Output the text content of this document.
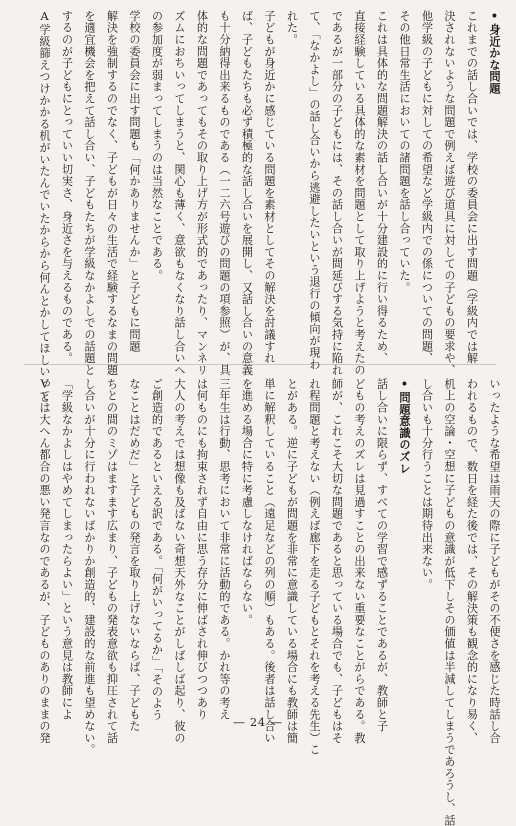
― 24 ―
•身近かな問題
これまでの話し合いでは、学校の委員会に出す問題（学級内では解
決されないような問題で例えば遊び道具に対しての子どもの要求や、
他学級の子どもに対しての希望など学級内での係についての問題、
その他日常生活においての諸問題を話し合っていた。
これは具体的な問題解決の話し合いが十分建設的に行い得るため、
直接経験している具体的な素材を問題として取り上げようと考えたの
であるが一部分の子どもには、その話し合いが間延びする気持に陥れ
て、「なかよし」の話し合いから逃避したいという退行の傾向が現わ
れた。
子どもが身近かに感じている問題を素材としてその解決を討議すれ
ば、子どもたちも必ず積極的な話し合いを展開し、又話し合いの意義
も十分納得出来るものである（一二六号遊びの問題の項参照）が、具
体的な問題であってもその取り上げ方が形式的であったり、マンネリ
ズムにおちいってしまうと、関心も薄く、意欲もなくなり話し合いへ
の参加度が弱まってしまうのは当然なことである。
学校の委員会に出す問題も「何かありませんか」と子どもに問題
解決を強制するのでなく、子どもが日々の生活で経験するなまの問題
を適宜機会を把えて話し合い、子どもたちが学級なかよしでの話題と
するのが子どもにとっていい切実さ、身近さを与えるものである。
A学級篩えつけかかる机がいたんでいたからから何んとかしてほしいVと
いったような希望は雨天の際に子どもがその不便さを感じた時話し合
われるもので、数日を経た後では、その解決策も観念的になり易く、
机上の空論・空想に子どもの意識が低下しその価値は半減してしまうであろうし、話
し合いも十分行うことは期待出来ない。
•問題意識のズレ
話し合いに限らず、すべての学習で感ずることであるが、教師と子
どもの考えのズレは見過すことの出来ない重要なことがらである。教
師が、これこそ大切な問題であると思っている場合でも、子どもはそ
れ程問題と考えない（例えば廊下を走る子どもとそれを考える先生）こ
とがある。逆に子どもが問題を非常に意識している場合にも教師は簡
単に解釈していること（遠足などの列の順）もある。後者は話し合い
を進める場合に特に考慮しなければならない。
三年生は行動、思考において非常に活動的である。かれ等の考え
は何ものにも拘束されず自由に思う存分に伸ばされ伸びつつあり
大人の考えでは想像も及ばない奇想天外なことがしばしば起り、彼の
ご創造的であるといえる訳である。「何がいってるか」「そのよう
なことはだめだ」と子どもの発言を取り上げないならば、子どもた
ちとの間のミゾはますます広まり、子どもの発表意欲も抑圧されて話
し合いが十分に行われないばかりか創造的、建設的な前進も望めない。
「学級なかよしはやめてしまったらよい」という意見は教師によ
っては大へん都合の悪い発言なのであるが、子どものありのままの発
